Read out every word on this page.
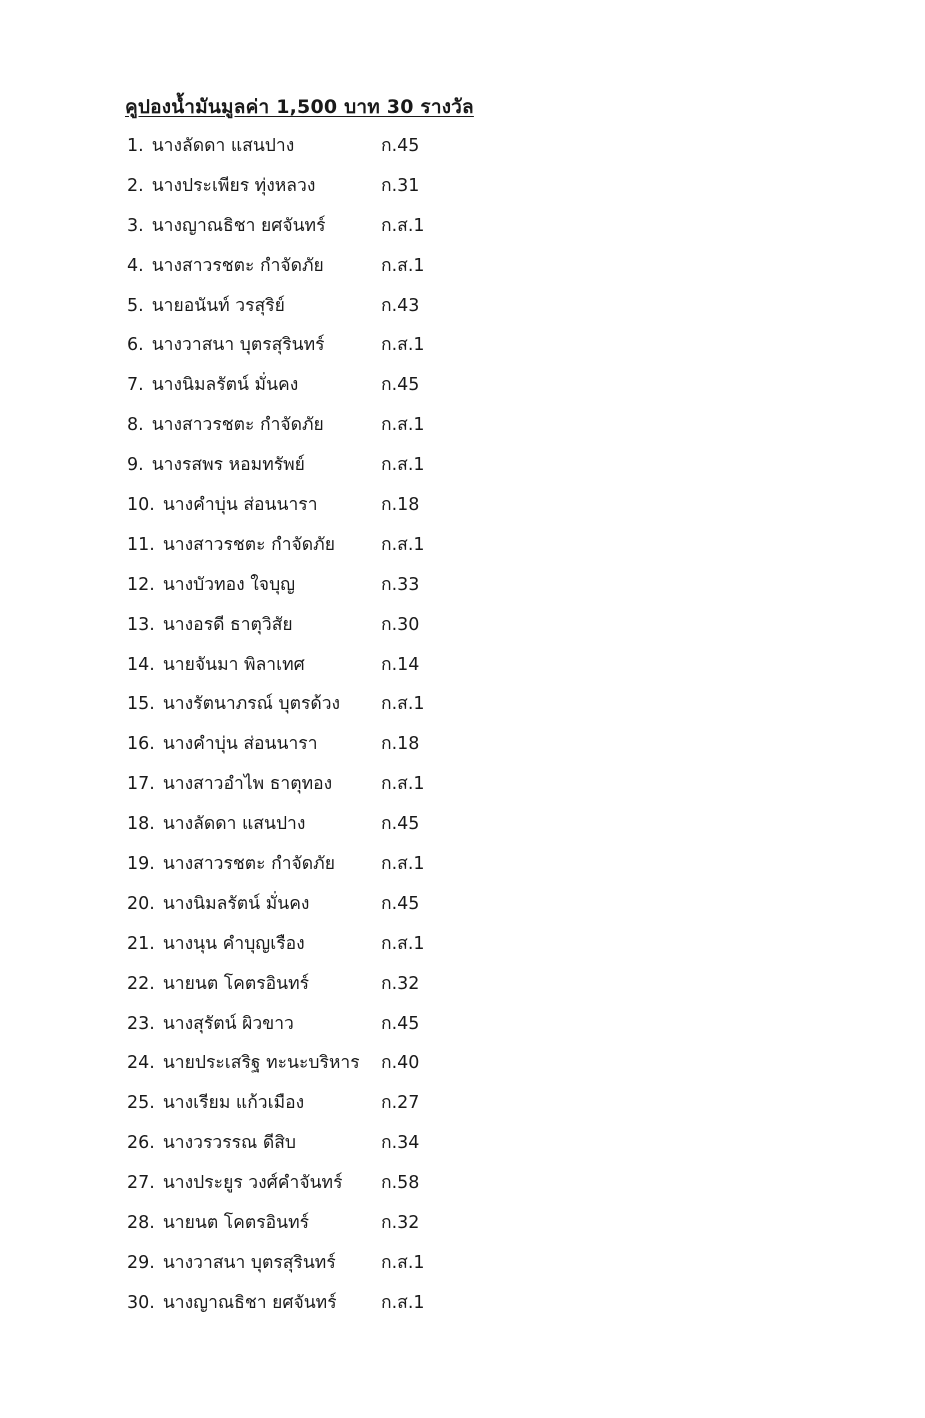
คูปองน้ำมันมูลค่า 1,500 บาท 30 รางวัล
1. นางลัดดา แสนปาง	ก.45
2. นางประเพียร ทุ่งหลวง	ก.31
3. นางญาณธิชา ยศจันทร์	ก.ส.1
4. นางสาวรชตะ กำจัดภัย	ก.ส.1
5. นายอนันท์ วรสุริย์	ก.43
6. นางวาสนา บุตรสุรินทร์	ก.ส.1
7. นางนิมลรัตน์ มั่นคง	ก.45
8. นางสาวรชตะ กำจัดภัย	ก.ส.1
9. นางรสพร หอมทรัพย์	ก.ส.1
10. นางคำบุ่น ส่อนนารา	ก.18
11. นางสาวรชตะ กำจัดภัย	ก.ส.1
12. นางบัวทอง ใจบุญ	ก.33
13. นางอรดี ธาตุวิสัย	ก.30
14. นายจันมา พิลาเทศ	ก.14
15. นางรัตนาภรณ์ บุตรด้วง ก.ส.1
16. นางคำบุ่น ส่อนนารา	ก.18
17. นางสาวอำไพ ธาตุทอง	ก.ส.1
18. นางลัดดา แสนปาง	ก.45
19. นางสาวรชตะ กำจัดภัย	ก.ส.1
20. นางนิมลรัตน์ มั่นคง	ก.45
21. นางนุน คำบุญเรือง	ก.ส.1
22. นายนต โคตรอินทร์	ก.32
23. นางสุรัตน์ ผิวขาว	ก.45
24. นายประเสริฐ ทะนะบริหาร ก.40
25. นางเรียม แก้วเมือง	ก.27
26. นางวรวรรณ ดีสิบ	ก.34
27. นางประยูร วงศ์คำจันทร์ ก.58
28. นายนต โคตรอินทร์	ก.32
29. นางวาสนา บุตรสุรินทร์	ก.ส.1
30. นางญาณธิชา ยศจันทร์	ก.ส.1
